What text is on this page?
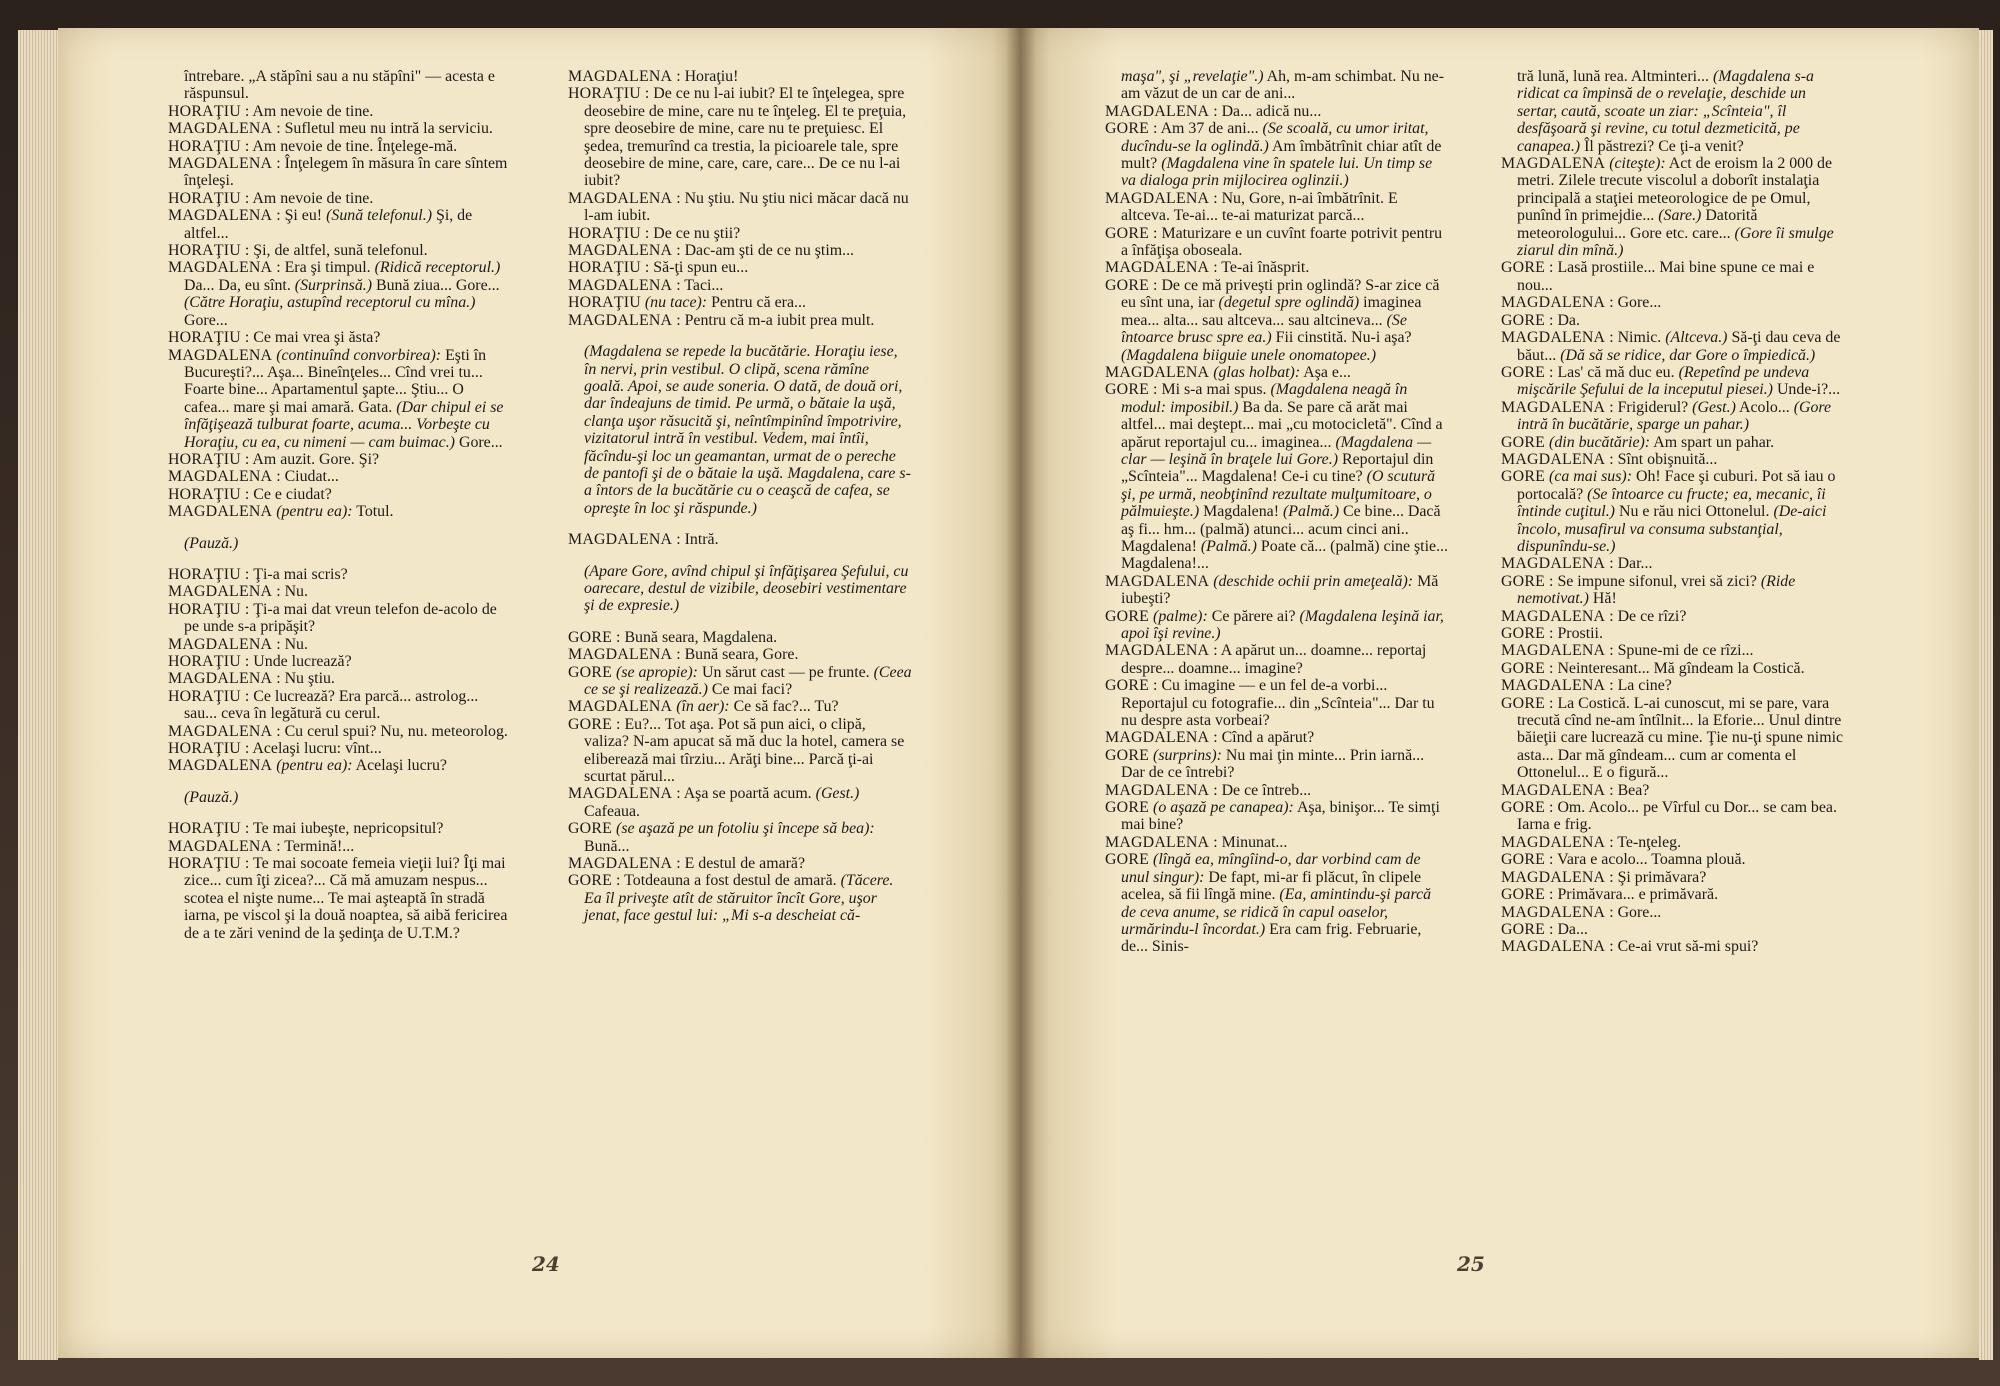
întrebare. „A stăpîni sau a nu stăpîni" — acesta e răspunsul.

HORAŢIU : Am nevoie de tine.

MAGDALENA : Sufletul meu nu intră la serviciu.

HORAŢIU : Am nevoie de tine. Înţelege-mă.

MAGDALENA : Înţelegem în măsura în care sîntem înţeleşi.

HORAŢIU : Am nevoie de tine.

MAGDALENA : Şi eu! (Sună telefonul.) Şi, de altfel...

HORAŢIU : Şi, de altfel, sună telefonul.

MAGDALENA : Era şi timpul. (Ridică receptorul.) Da... Da, eu sînt. (Surprinsă.) Bună ziua... Gore... (Către Horaţiu, astupînd receptorul cu mîna.) Gore...

HORAŢIU : Ce mai vrea şi ăsta?

MAGDALENA (continuînd convorbirea): Eşti în Bucureşti?... Aşa... Bineînţeles... Cînd vrei tu... Foarte bine... Apartamentul şapte... Ştiu... O cafea... mare şi mai amară. Gata. (Dar chipul ei se înfăţişează tulburat foarte, acuma... Vorbeşte cu Horaţiu, cu ea, cu nimeni — cam buimac.) Gore...

HORAŢIU : Am auzit. Gore. Şi?

MAGDALENA : Ciudat...

HORAŢIU : Ce e ciudat?

MAGDALENA (pentru ea): Totul.

(Pauză.)

HORAŢIU : Ţi-a mai scris?

MAGDALENA : Nu.

HORAŢIU : Ţi-a mai dat vreun telefon de-acolo de pe unde s-a pripăşit?

MAGDALENA : Nu.

HORAŢIU : Unde lucrează?

MAGDALENA : Nu ştiu.

HORAŢIU : Ce lucrează? Era parcă... astrolog... sau... ceva în legătură cu cerul.

MAGDALENA : Cu cerul spui? Nu, nu. meteorolog.

HORAŢIU : Acelaşi lucru: vînt...

MAGDALENA (pentru ea): Acelaşi lucru?

(Pauză.)

HORAŢIU : Te mai iubeşte, nepricopsitul?

MAGDALENA : Termină!...

HORAŢIU : Te mai socoate femeia vieţii lui? Îţi mai zice... cum îţi zicea?... Că mă amuzam nespus... scotea el nişte nume... Te mai aşteaptă în stradă iarna, pe viscol şi la două noaptea, să aibă fericirea de a te zări venind de la şedinţa de U.T.M.?

MAGDALENA : Horaţiu!

HORAŢIU : De ce nu l-ai iubit? El te înţelegea, spre deosebire de mine, care nu te înţeleg. El te preţuia, spre deosebire de mine, care nu te preţuiesc. El şedea, tremurînd ca trestia, la picioarele tale, spre deosebire de mine, care, care, care... De ce nu l-ai iubit?

MAGDALENA : Nu ştiu. Nu ştiu nici măcar dacă nu l-am iubit.

HORAŢIU : De ce nu ştii?

MAGDALENA : Dac-am şti de ce nu ştim...

HORAŢIU : Să-ţi spun eu...

MAGDALENA : Taci...

HORAŢIU (nu tace): Pentru că era...

MAGDALENA : Pentru că m-a iubit prea mult.

(Magdalena se repede la bucătărie. Horaţiu iese, în nervi, prin vestibul. O clipă, scena rămîne goală. Apoi, se aude soneria. O dată, de două ori, dar îndeajuns de timid. Pe urmă, o bătaie la uşă, clanţa uşor răsucită şi, neîntîmpinînd împotrivire, vizitatorul intră în vestibul. Vedem, mai întîi, făcîndu-şi loc un geamantan, urmat de o pereche de pantofi şi de o bătaie la uşă. Magdalena, care s-a întors de la bucătărie cu o ceaşcă de cafea, se opreşte în loc şi răspunde.)

MAGDALENA : Intră.

(Apare Gore, avînd chipul şi înfăţişarea Şefului, cu oarecare, destul de vizibile, deosebiri vestimentare şi de expresie.)

GORE : Bună seara, Magdalena.

MAGDALENA : Bună seara, Gore.

GORE (se apropie): Un sărut cast — pe frunte. (Ceea ce se şi realizează.) Ce mai faci?

MAGDALENA (în aer): Ce să fac?... Tu?

GORE : Eu?... Tot aşa. Pot să pun aici, o clipă, valiza? N-am apucat să mă duc la hotel, camera se eliberează mai tîrziu... Arăţi bine... Parcă ţi-ai scurtat părul...

MAGDALENA : Aşa se poartă acum. (Gest.) Cafeaua.

GORE (se aşază pe un fotoliu şi începe să bea): Bună...

MAGDALENA : E destul de amară?

GORE : Totdeauna a fost destul de amară. (Tăcere. Ea îl priveşte atît de stăruitor încît Gore, uşor jenat, face gestul lui: „Mi s-a descheiat că-

24

maşa", şi „revelaţie".) Ah, m-am schimbat. Nu ne-am văzut de un car de ani...

MAGDALENA : Da... adică nu...

GORE : Am 37 de ani... (Se scoală, cu umor iritat, ducîndu-se la oglindă.) Am îmbătrînit chiar atît de mult? (Magdalena vine în spatele lui. Un timp se va dialoga prin mijlocirea oglinzii.)

MAGDALENA : Nu, Gore, n-ai îmbătrînit. E altceva. Te-ai... te-ai maturizat parcă...

GORE : Maturizare e un cuvînt foarte potrivit pentru a înfăţişa oboseala.

MAGDALENA : Te-ai înăsprit.

GORE : De ce mă priveşti prin oglindă? S-ar zice că eu sînt una, iar (degetul spre oglindă) imaginea mea... alta... sau altceva... sau altcineva... (Se întoarce brusc spre ea.) Fii cinstită. Nu-i aşa? (Magdalena biiguie unele onomatopee.)

MAGDALENA (glas holbat): Aşa e...

GORE : Mi s-a mai spus. (Magdalena neagă în modul: imposibil.) Ba da. Se pare că arăt mai altfel... mai deştept... mai „cu motocicletă". Cînd a apărut reportajul cu... imaginea... (Magdalena — clar — leşină în braţele lui Gore.) Reportajul din „Scînteia"... Magdalena! Ce-i cu tine? (O scutură şi, pe urmă, neobţinînd rezultate mulţumitoare, o pălmuieşte.) Magdalena! (Palmă.) Ce bine... Dacă aş fi... hm... (palmă) atunci... acum cinci ani.. Magdalena! (Palmă.) Poate că... (palmă) cine ştie... Magdalena!...

MAGDALENA (deschide ochii prin ameţeală): Mă iubeşti?

GORE (palme): Ce părere ai? (Magdalena leşină iar, apoi îşi revine.)

MAGDALENA : A apărut un... doamne... reportaj despre... doamne... imagine?

GORE : Cu imagine — e un fel de-a vorbi... Reportajul cu fotografie... din „Scînteia"... Dar tu nu despre asta vorbeai?

MAGDALENA : Cînd a apărut?

GORE (surprins): Nu mai ţin minte... Prin iarnă... Dar de ce întrebi?

MAGDALENA : De ce întreb...

GORE (o aşază pe canapea): Aşa, binişor... Te simţi mai bine?

MAGDALENA : Minunat...

GORE (lîngă ea, mîngîind-o, dar vorbind cam de unul singur): De fapt, mi-ar fi plăcut, în clipele acelea, să fii lîngă mine. (Ea, amintindu-şi parcă de ceva anume, se ridică în capul oaselor, urmărindu-l încordat.) Era cam frig. Februarie, de... Sinis-

tră lună, lună rea. Altminteri... (Magdalena s-a ridicat ca împinsă de o revelaţie, deschide un sertar, caută, scoate un ziar: „Scînteia", îl desfăşoară şi revine, cu totul dezmeticită, pe canapea.) Îl păstrezi? Ce ţi-a venit?

MAGDALENA (citeşte): Act de eroism la 2 000 de metri. Zilele trecute viscolul a doborît instalaţia principală a staţiei meteorologice de pe Omul, punînd în primejdie... (Sare.) Datorită meteorologului... Gore etc. care... (Gore îi smulge ziarul din mînă.)

GORE : Lasă prostiile... Mai bine spune ce mai e nou...

MAGDALENA : Gore...

GORE : Da.

MAGDALENA : Nimic. (Altceva.) Să-ţi dau ceva de băut... (Dă să se ridice, dar Gore o împiedică.)

GORE : Las' că mă duc eu. (Repetînd pe undeva mişcările Şefului de la inceputul piesei.) Unde-i?...

MAGDALENA : Frigiderul? (Gest.) Acolo... (Gore intră în bucătărie, sparge un pahar.)

GORE (din bucătărie): Am spart un pahar.

MAGDALENA : Sînt obişnuită...

GORE (ca mai sus): Oh! Face şi cuburi. Pot să iau o portocală? (Se întoarce cu fructe; ea, mecanic, îi întinde cuţitul.) Nu e rău nici Ottonelul. (De-aici încolo, musafirul va consuma substanţial, dispunîndu-se.)

MAGDALENA : Dar...

GORE : Se impune sifonul, vrei să zici? (Ride nemotivat.) Hă!

MAGDALENA : De ce rîzi?

GORE : Prostii.

MAGDALENA : Spune-mi de ce rîzi...

GORE : Neinteresant... Mă gîndeam la Costică.

MAGDALENA : La cine?

GORE : La Costică. L-ai cunoscut, mi se pare, vara trecută cînd ne-am întîlnit... la Eforie... Unul dintre băieţii care lucrează cu mine. Ţie nu-ţi spune nimic asta... Dar mă gîndeam... cum ar comenta el Ottonelul... E o figură...

MAGDALENA : Bea?

GORE : Om. Acolo... pe Vîrful cu Dor... se cam bea. Iarna e frig.

MAGDALENA : Te-nţeleg.

GORE : Vara e acolo... Toamna plouă.

MAGDALENA : Şi primăvara?

GORE : Primăvara... e primăvară.

MAGDALENA : Gore...

GORE : Da...

MAGDALENA : Ce-ai vrut să-mi spui?

25
